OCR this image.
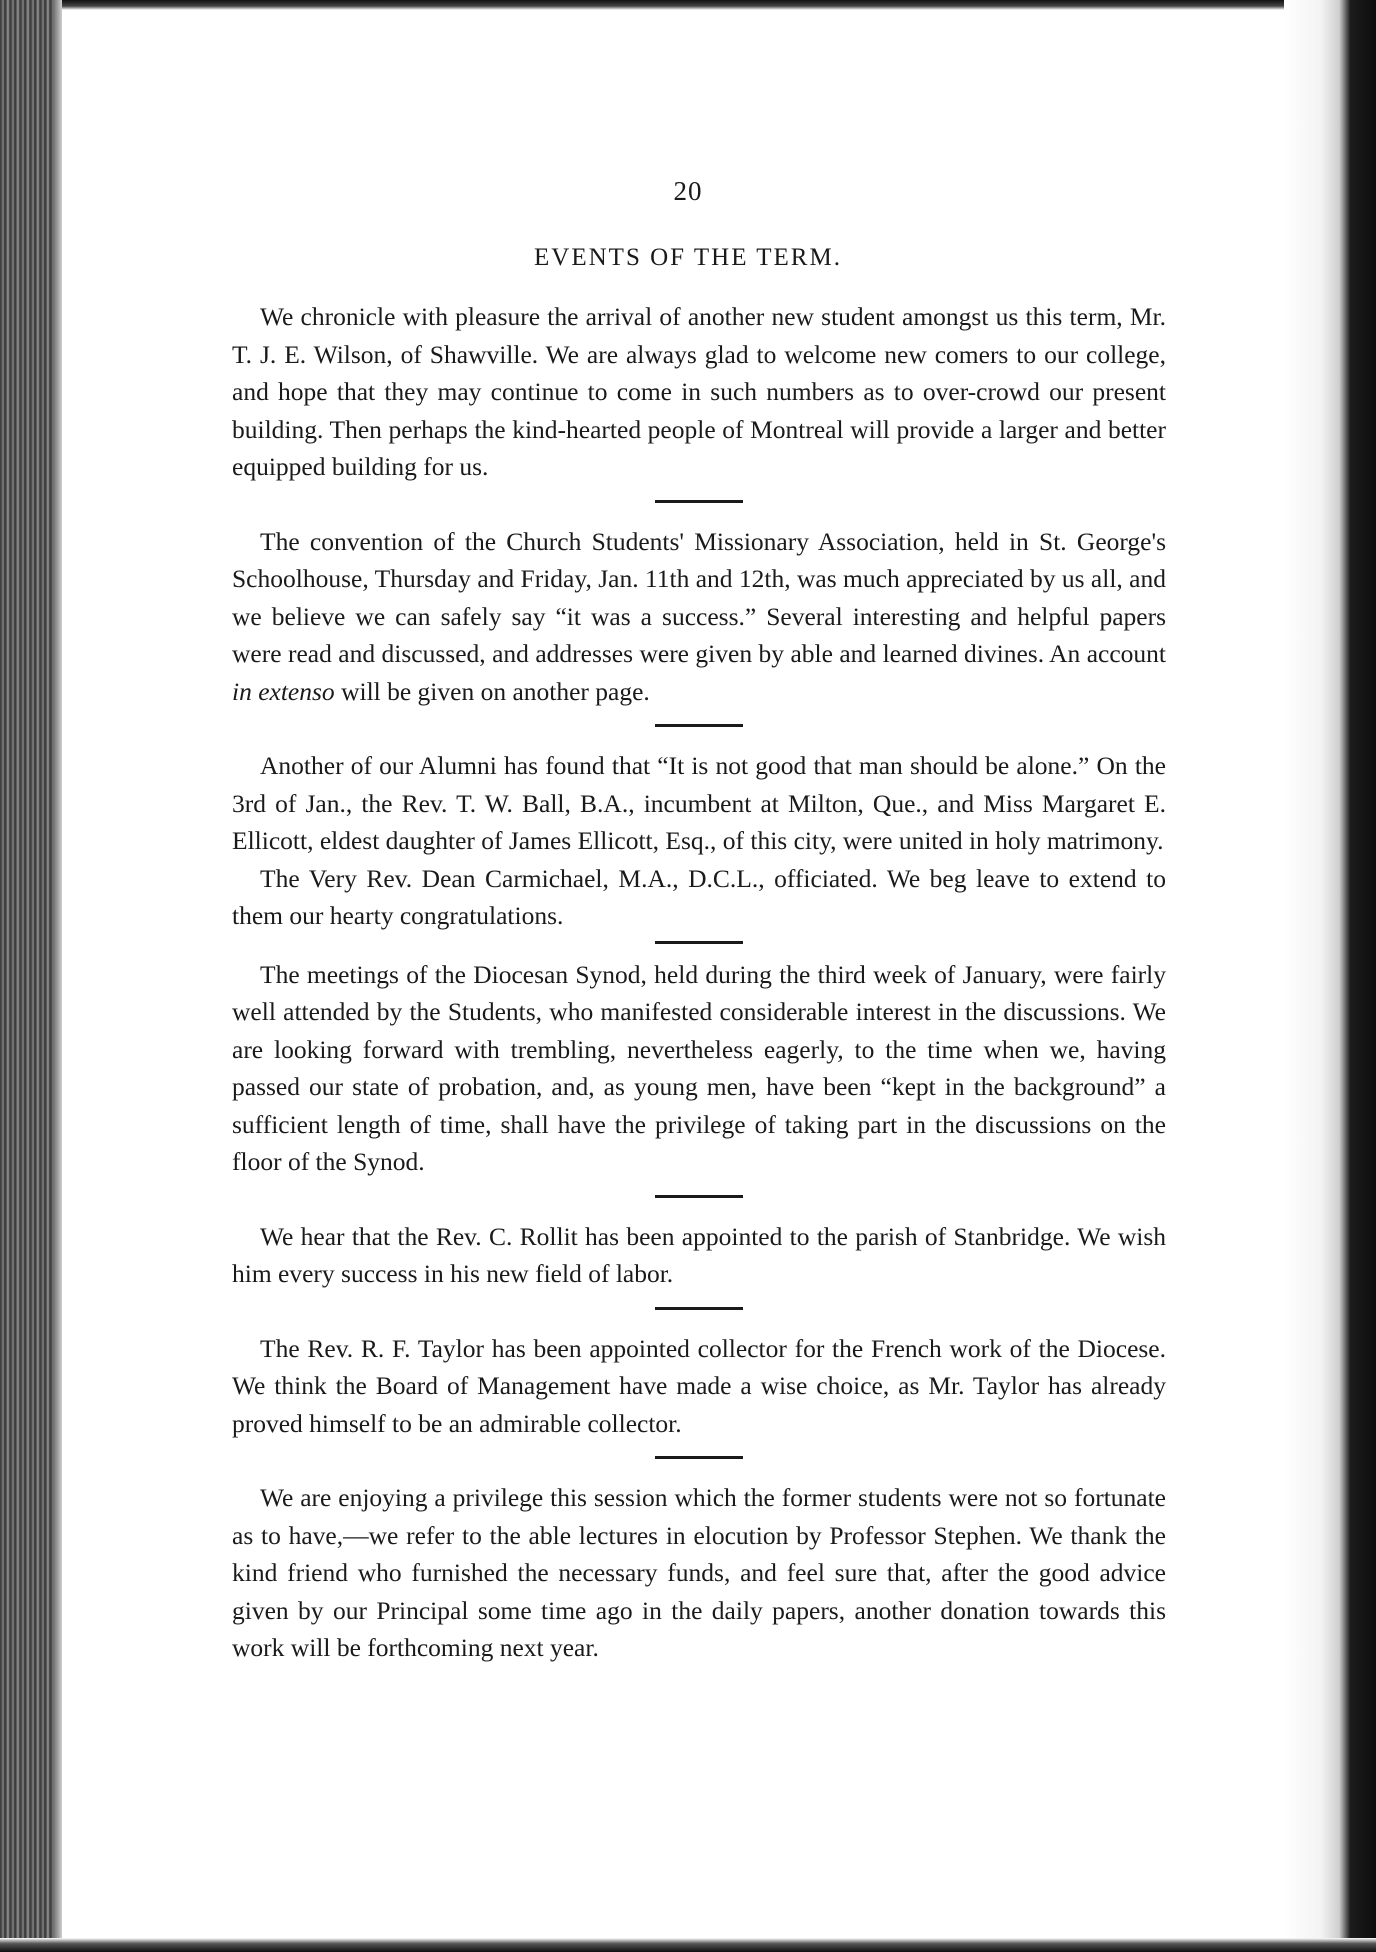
20
EVENTS OF THE TERM.

We chronicle with pleasure the arrival of another new student amongst us this term, Mr. T. J. E. Wilson, of Shawville. We are always glad to welcome new comers to our college, and hope that they may continue to come in such numbers as to over-crowd our present building. Then perhaps the kind-hearted people of Montreal will provide a larger and better equipped building for us.

The convention of the Church Students' Missionary Association, held in St. George's Schoolhouse, Thursday and Friday, Jan. 11th and 12th, was much appreciated by us all, and we believe we can safely say “it was a success.” Several interesting and helpful papers were read and discussed, and addresses were given by able and learned divines. An account in extenso will be given on another page.

Another of our Alumni has found that “It is not good that man should be alone.” On the 3rd of Jan., the Rev. T. W. Ball, B.A., incumbent at Milton, Que., and Miss Margaret E. Ellicott, eldest daughter of James Ellicott, Esq., of this city, were united in holy matrimony.

The Very Rev. Dean Carmichael, M.A., D.C.L., officiated. We beg leave to extend to them our hearty congratulations.

The meetings of the Diocesan Synod, held during the third week of January, were fairly well attended by the Students, who manifested considerable interest in the discussions. We are looking forward with trembling, nevertheless eagerly, to the time when we, having passed our state of probation, and, as young men, have been “kept in the background” a sufficient length of time, shall have the privilege of taking part in the discussions on the floor of the Synod.

We hear that the Rev. C. Rollit has been appointed to the parish of Stanbridge. We wish him every success in his new field of labor.

The Rev. R. F. Taylor has been appointed collector for the French work of the Diocese. We think the Board of Management have made a wise choice, as Mr. Taylor has already proved himself to be an admirable collector.

We are enjoying a privilege this session which the former students were not so fortunate as to have,—we refer to the able lectures in elocution by Professor Stephen. We thank the kind friend who furnished the necessary funds, and feel sure that, after the good advice given by our Principal some time ago in the daily papers, another donation towards this work will be forthcoming next year.
